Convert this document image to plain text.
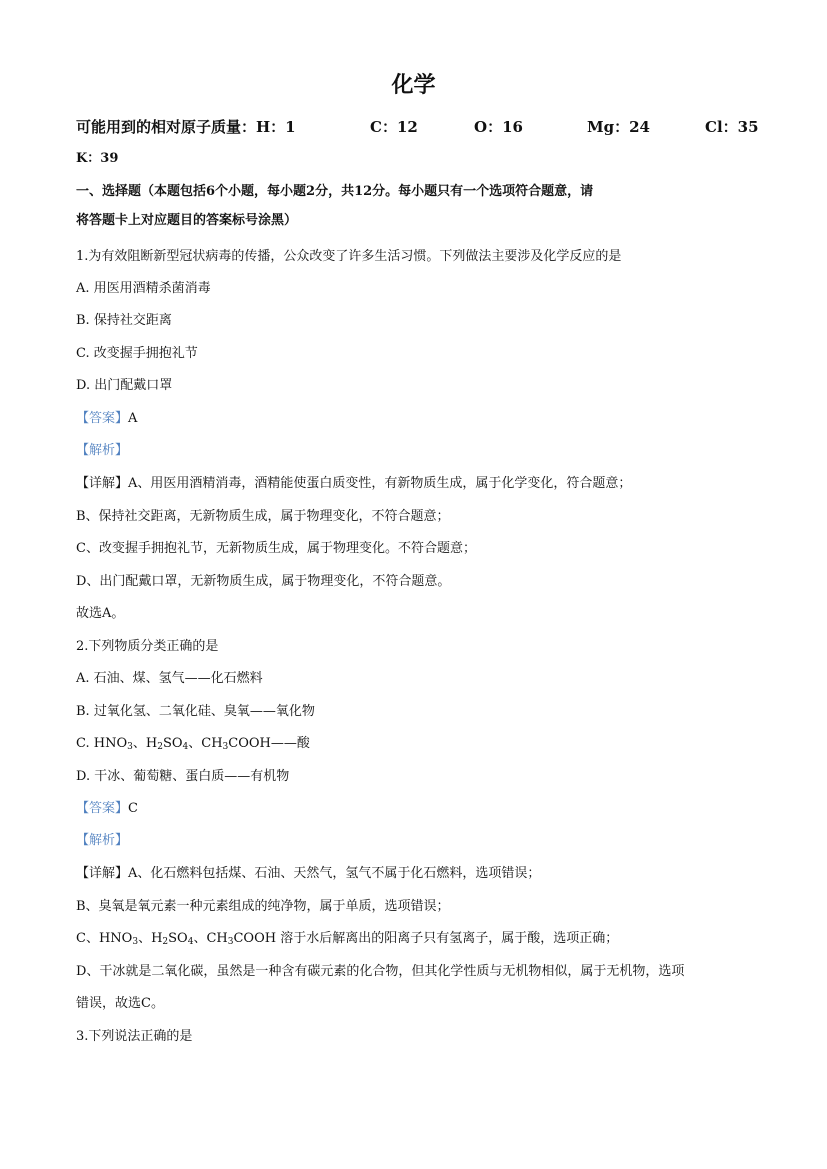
化学
可能用到的相对原子质量：H：1	C：12	O：16	Mg：24	Cl：35
K：39
一、选择题（本题包括6个小题，每小题2分，共12分。每小题只有一个选项符合题意，请
将答题卡上对应题目的答案标号涂黑）
1.为有效阻断新型冠状病毒的传播，公众改变了许多生活习惯。下列做法主要涉及化学反应的是
A. 用医用酒精杀菌消毒
B. 保持社交距离
C. 改变握手拥抱礼节
D. 出门配戴口罩
【答案】A
【解析】
【详解】A、用医用酒精消毒，酒精能使蛋白质变性，有新物质生成，属于化学变化，符合题意；
B、保持社交距离，无新物质生成，属于物理变化，不符合题意；
C、改变握手拥抱礼节，无新物质生成，属于物理变化。不符合题意；
D、出门配戴口罩，无新物质生成，属于物理变化，不符合题意。
故选A。
2.下列物质分类正确的是
A. 石油、煤、氢气——化石燃料
B. 过氧化氢、二氧化硅、臭氧——氧化物
C. $HNO_3$、$H_2SO_4$、$CH_3COOH——$酸
D. 干冰、葡萄糖、蛋白质——有机物
【答案】C
【解析】
【详解】A、化石燃料包括煤、石油、天然气，氢气不属于化石燃料，选项错误；
B、臭氧是氧元素一种元素组成的纯净物，属于单质，选项错误；
C、$HNO_3$、$H_2SO_4$、$CH_3COOH$ 溶于水后解离出的阳离子只有氢离子，属于酸，选项正确；
D、干冰就是二氧化碳，虽然是一种含有碳元素的化合物，但其化学性质与无机物相似，属于无机物，选项
错误，故选C。
3.下列说法正确的是
